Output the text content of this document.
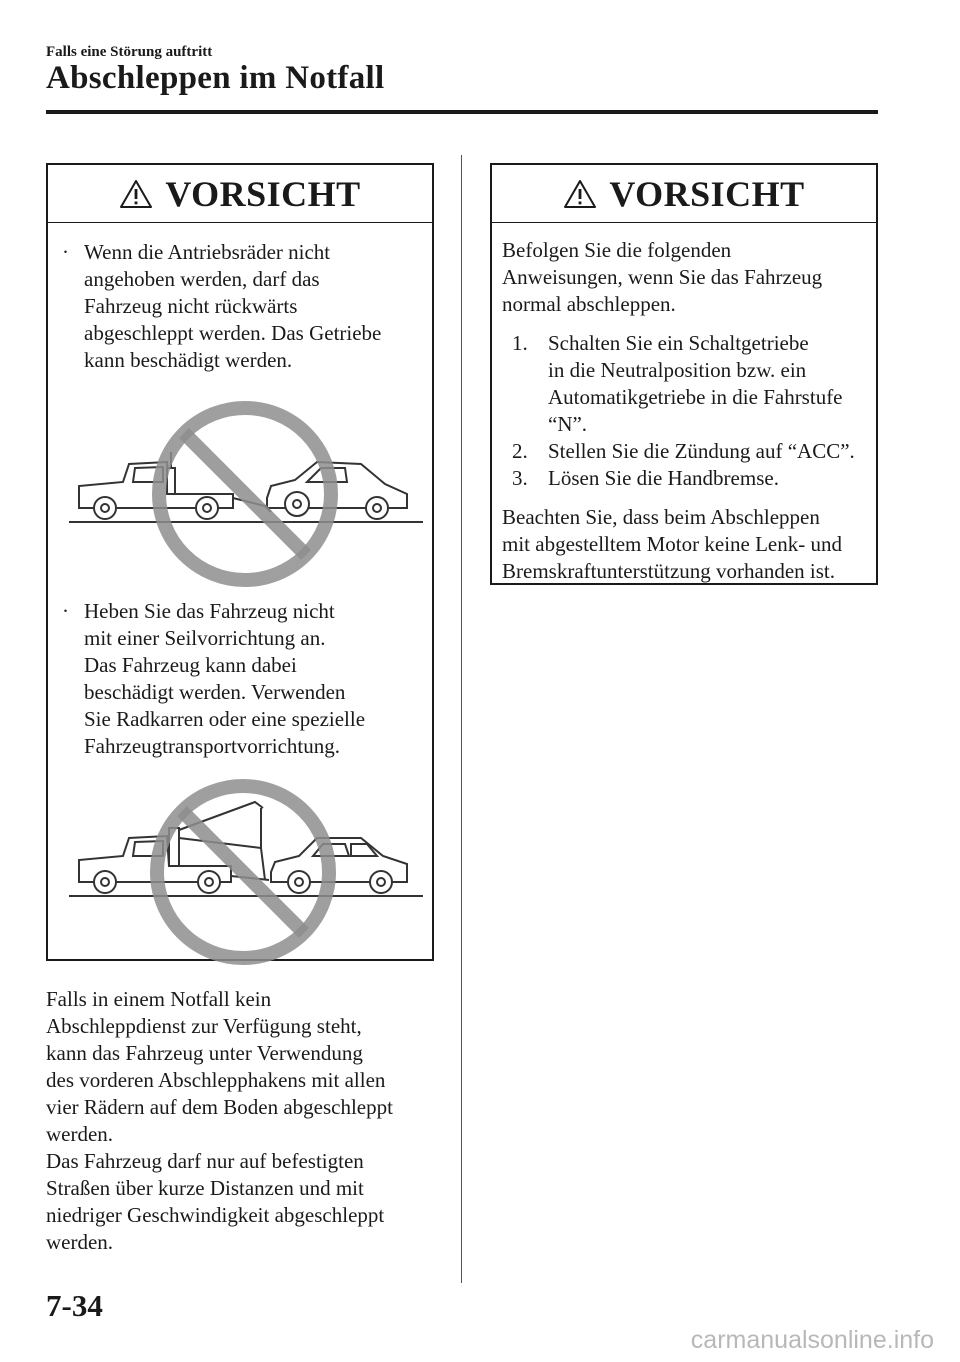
Falls eine Störung auftritt
Abschleppen im Notfall
VORSICHT
· Wenn die Antriebsräder nicht
angehoben werden, darf das
Fahrzeug nicht rückwärts
abgeschleppt werden. Das Getriebe
kann beschädigt werden.
· Heben Sie das Fahrzeug nicht
mit einer Seilvorrichtung an.
Das Fahrzeug kann dabei
beschädigt werden. Verwenden
Sie Radkarren oder eine spezielle
Fahrzeugtransportvorrichtung.
Falls in einem Notfall kein
Abschleppdienst zur Verfügung steht,
kann das Fahrzeug unter Verwendung
des vorderen Abschlepphakens mit allen
vier Rädern auf dem Boden abgeschleppt
werden.
Das Fahrzeug darf nur auf befestigten
Straßen über kurze Distanzen und mit
niedriger Geschwindigkeit abgeschleppt
werden.
VORSICHT
Befolgen Sie die folgenden
Anweisungen, wenn Sie das Fahrzeug
normal abschleppen.
1. Schalten Sie ein Schaltgetriebe
in die Neutralposition bzw. ein
Automatikgetriebe in die Fahrstufe
“N”.
2. Stellen Sie die Zündung auf “ACC”.
3. Lösen Sie die Handbremse.
Beachten Sie, dass beim Abschleppen
mit abgestelltem Motor keine Lenk- und
Bremskraftunterstützung vorhanden ist.
7-34
carmanualsonline.info
